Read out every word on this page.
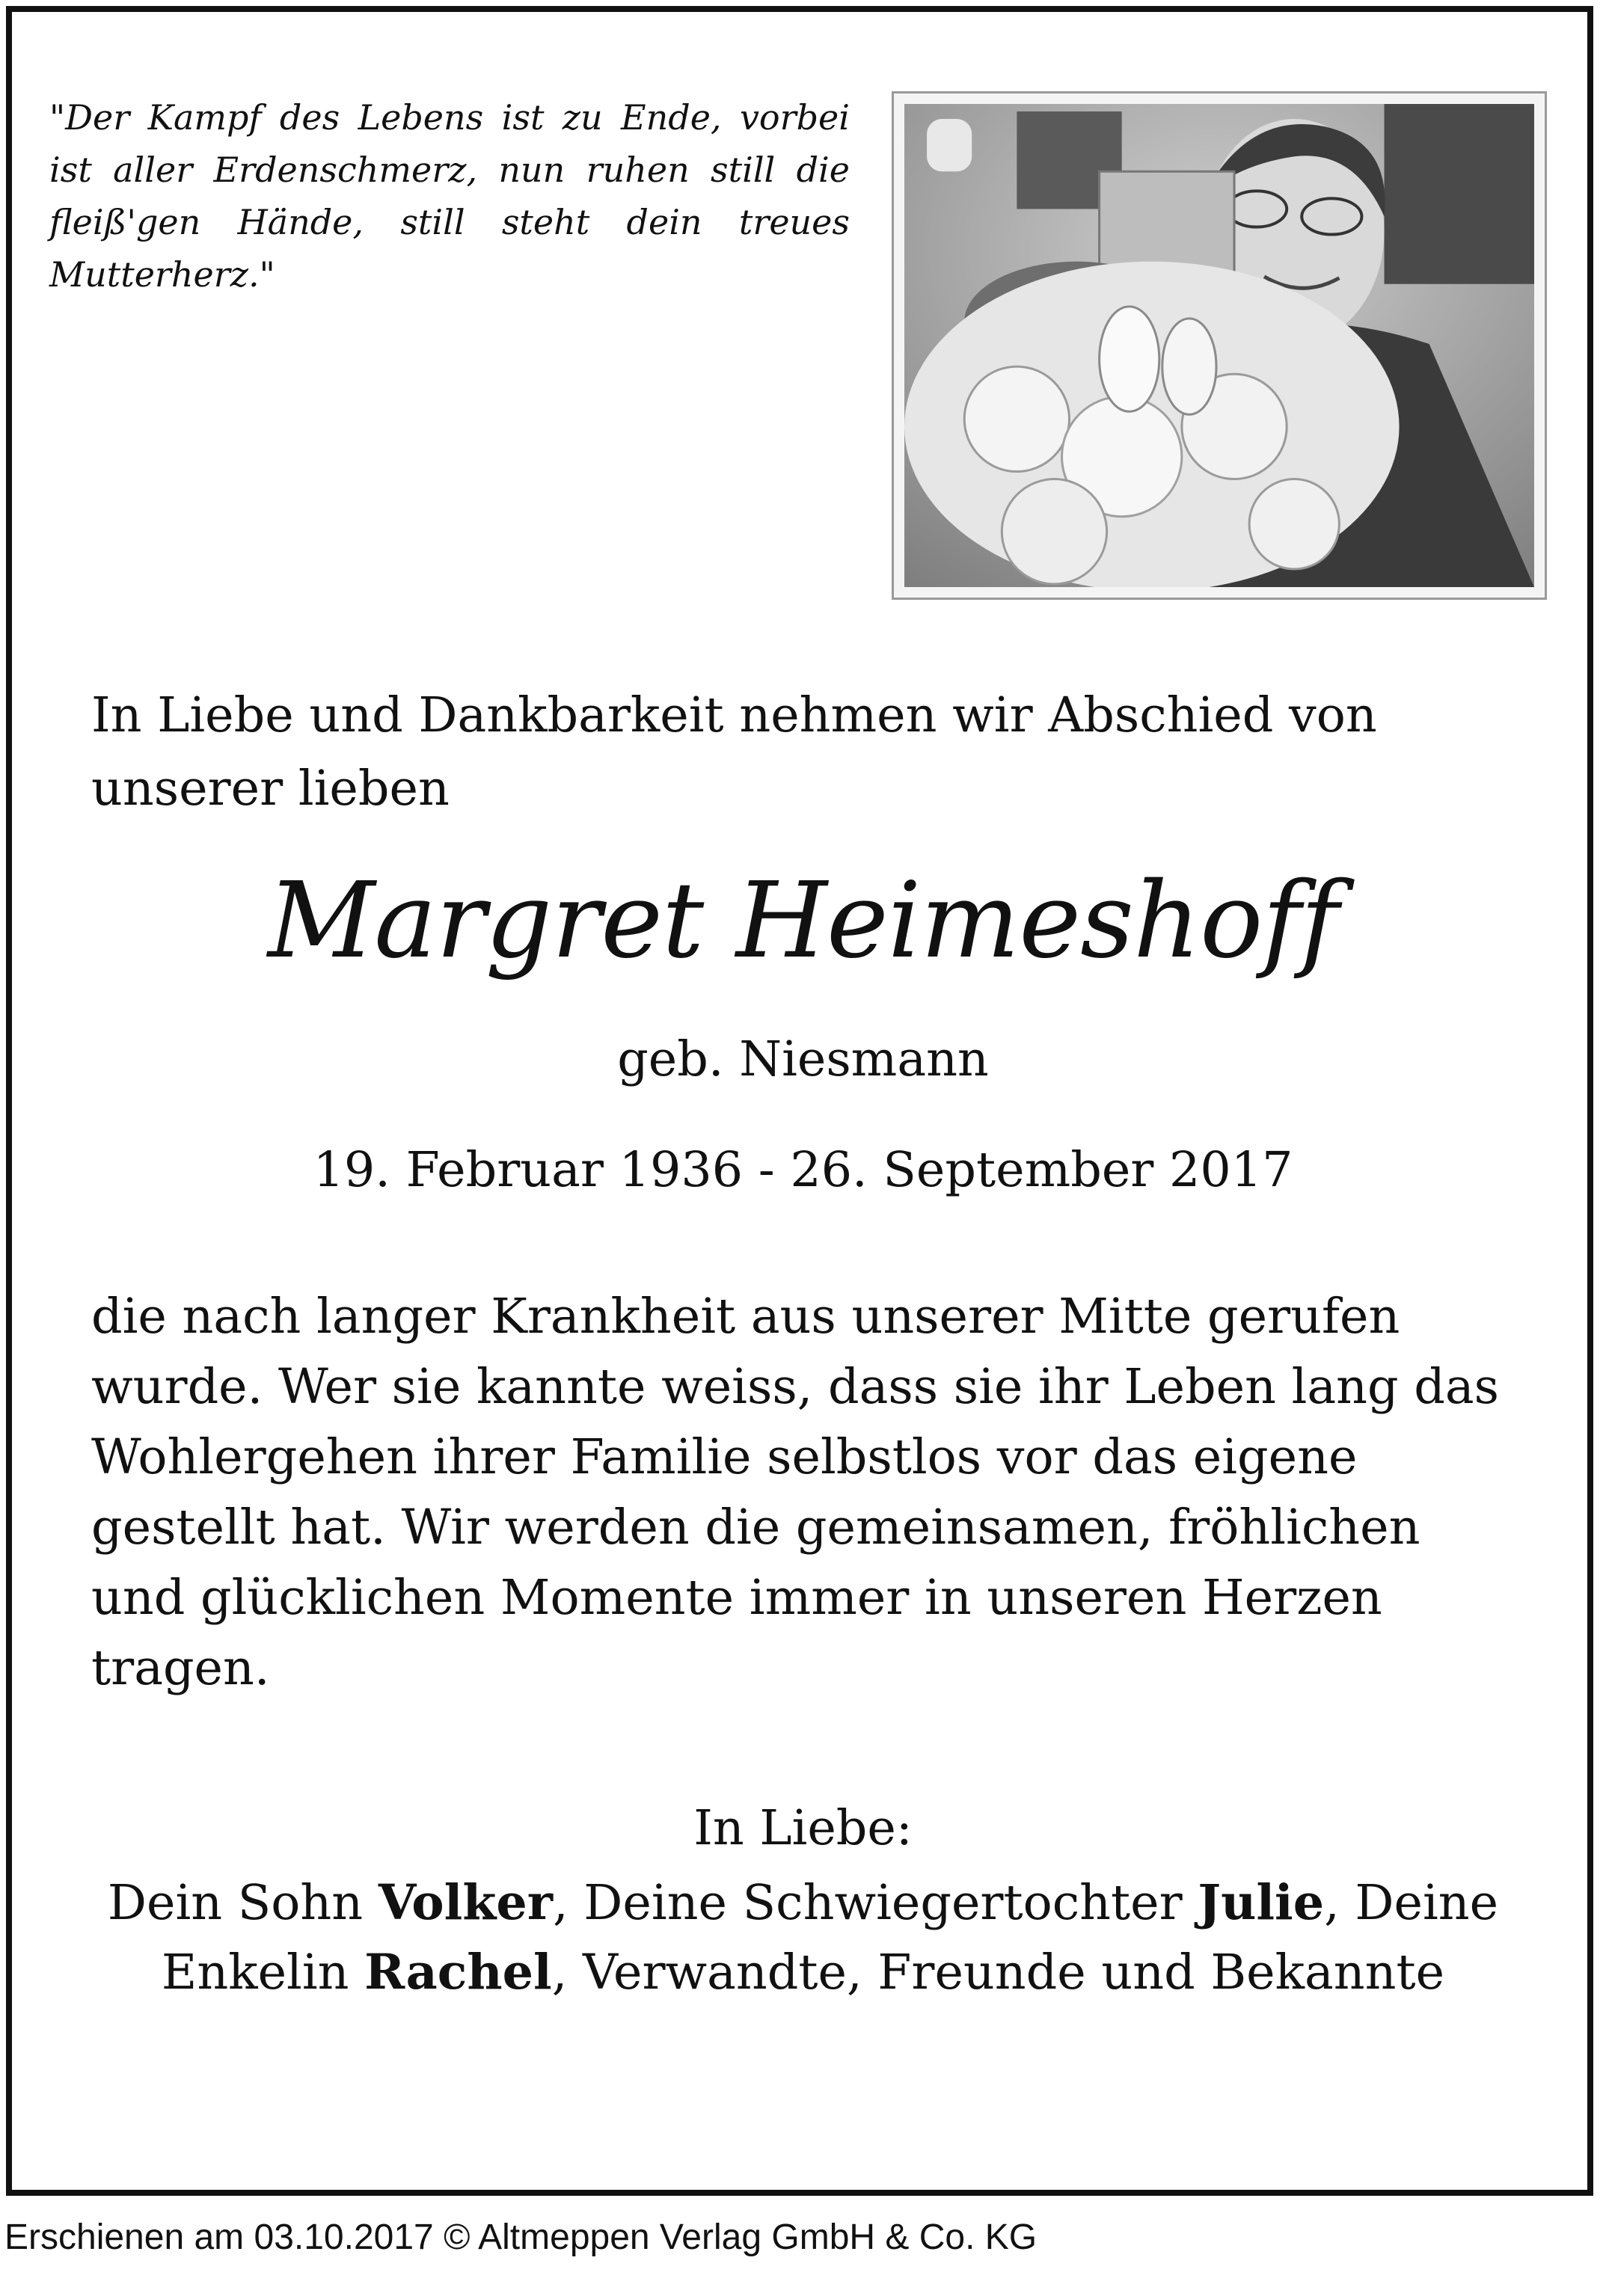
"Der Kampf des Lebens ist zu Ende, vorbei ist aller Erdenschmerz, nun ruhen still die fleiß'gen Hände, still steht dein treues Mutterherz."

In Liebe und Dankbarkeit nehmen wir Abschied von unserer lieben

Margret Heimeshoff

geb. Niesmann

19. Februar 1936 - 26. September 2017

die nach langer Krankheit aus unserer Mitte gerufen wurde. Wer sie kannte weiss, dass sie ihr Leben lang das Wohlergehen ihrer Familie selbstlos vor das eigene gestellt hat. Wir werden die gemeinsamen, fröhlichen und glücklichen Momente immer in unseren Herzen tragen.

In Liebe:

Dein Sohn Volker, Deine Schwiegertochter Julie, Deine Enkelin Rachel, Verwandte, Freunde und Bekannte

Erschienen am 03.10.2017 © Altmeppen Verlag GmbH & Co. KG
